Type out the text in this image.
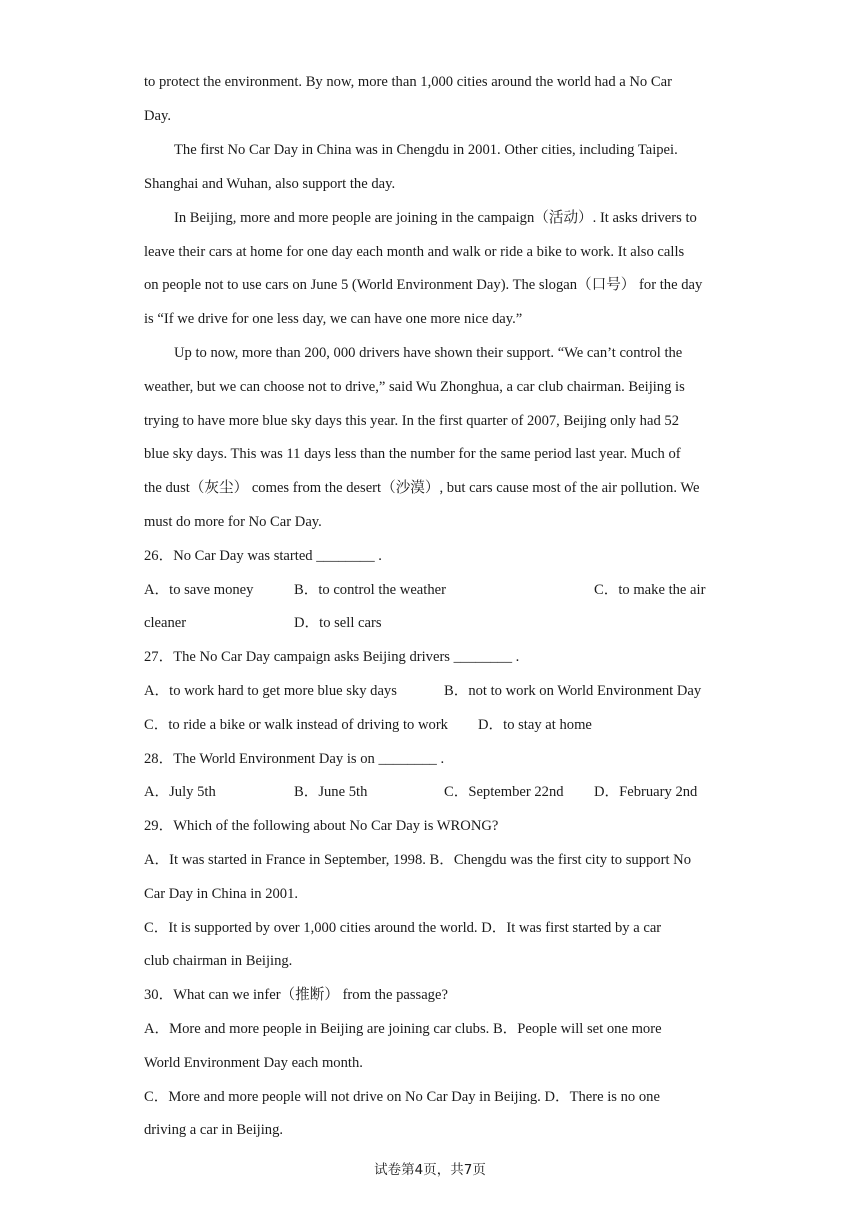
to protect the environment. By now, more than 1,000 cities around the world had a No Car
Day.
The first No Car Day in China was in Chengdu in 2001. Other cities, including Taipei.
Shanghai and Wuhan, also support the day.
In Beijing, more and more people are joining in the campaign（活动）. It asks drivers to
leave their cars at home for one day each month and walk or ride a bike to work. It also calls
on people not to use cars on June 5 (World Environment Day). The slogan（口号） for the day
is “If we drive for one less day, we can have one more nice day.”
Up to now, more than 200, 000 drivers have shown their support. “We can’t control the
weather, but we can choose not to drive,” said Wu Zhonghua, a car club chairman. Beijing is
trying to have more blue sky days this year. In the first quarter of 2007, Beijing only had 52
blue sky days. This was 11 days less than the number for the same period last year. Much of
the dust（灰尘） comes from the desert（沙漠）, but cars cause most of the air pollution. We
must do more for No Car Day.
26．No Car Day was started ________ .
A．to save money	B．to control the weather	C．to make the air
cleaner	D．to sell cars
27．The No Car Day campaign asks Beijing drivers ________ .
A．to work hard to get more blue sky days	B．not to work on World Environment Day
C．to ride a bike or walk instead of driving to work D．to stay at home
28．The World Environment Day is on ________ .
A．July 5th	B．June 5th	C．September 22nd D．February 2nd
29．Which of the following about No Car Day is WRONG?
A．It was started in France in September, 1998. B．Chengdu was the first city to support No
Car Day in China in 2001.
C．It is supported by over 1,000 cities around the world. D．It was first started by a car
club chairman in Beijing.
30．What can we infer（推断） from the passage?
A．More and more people in Beijing are joining car clubs. B．People will set one more
World Environment Day each month.
C．More and more people will not drive on No Car Day in Beijing. D．There is no one
driving a car in Beijing.
试卷第4页，共7页
